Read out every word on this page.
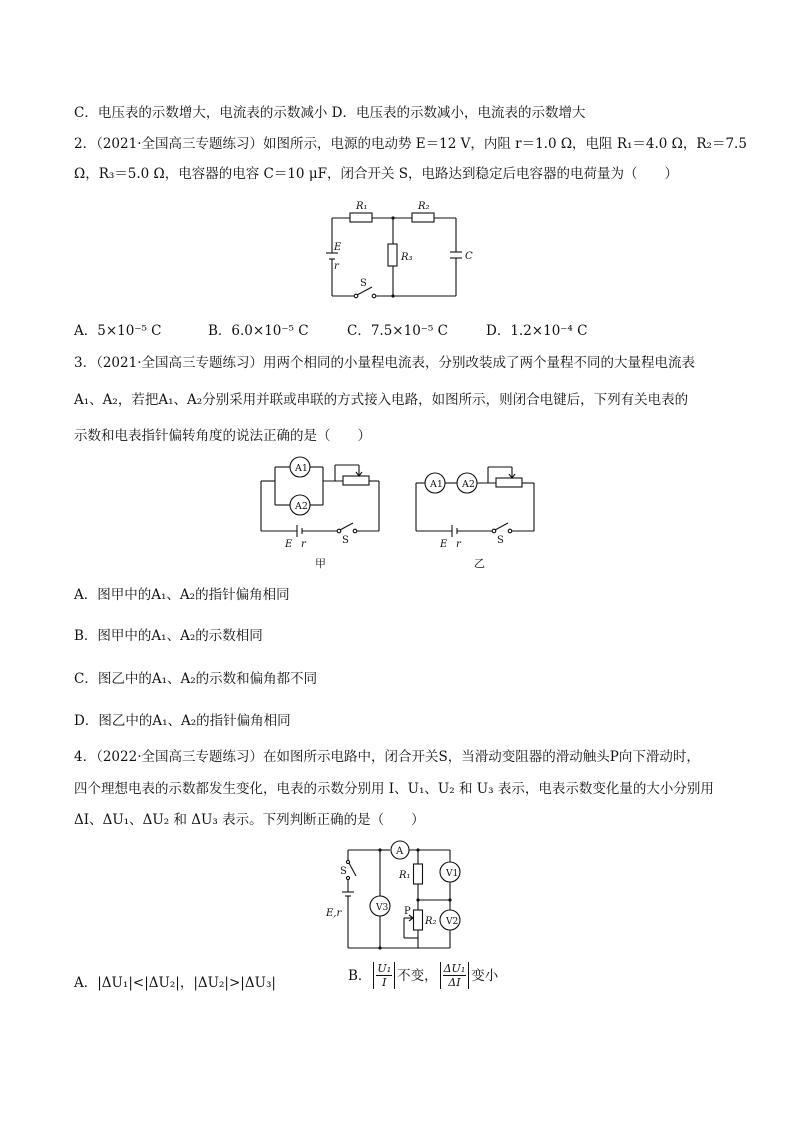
C．电压表的示数增大，电流表的示数减小 D．电压表的示数减小，电流表的示数增大
2．（2021·全国高三专题练习）如图所示，电源的电动势 E＝12 V，内阻 r＝1.0 Ω，电阻 R₁＝4.0 Ω，R₂＝7.5
Ω，R₃＝5.0 Ω，电容器的电容 C＝10 μF，闭合开关 S，电路达到稳定后电容器的电荷量为（　　）
R₁	R₂
R₃	C
E
r
S
A．5×10⁻⁵ C	B．6.0×10⁻⁵ C	C．7.5×10⁻⁵ C	D．1.2×10⁻⁴ C
3．（2021·全国高三专题练习）用两个相同的小量程电流表，分别改装成了两个量程不同的大量程电流表
A₁、A₂，若把A₁、A₂分别采用并联或串联的方式接入电路，如图所示，则闭合电键后，下列有关电表的
示数和电表指针偏转角度的说法正确的是（　　）
A1
A2
E r	S
甲
A1 A2
E r	S
乙
A．图甲中的A₁、A₂的指针偏角相同
B．图甲中的A₁、A₂的示数相同
C．图乙中的A₁、A₂的示数和偏角都不同
D．图乙中的A₁、A₂的指针偏角相同
4．（2022·全国高三专题练习）在如图所示电路中，闭合开关S，当滑动变阻器的滑动触头P向下滑动时，
四个理想电表的示数都发生变化，电表的示数分别用 I、U₁、U₂ 和 U₃ 表示，电表示数变化量的大小分别用
ΔI、ΔU₁、ΔU₂ 和 ΔU₃ 表示。下列判断正确的是（　　）
A
V3
V1
V2
R₁
R₂
P
S
E,r
A．|ΔU₁|<|ΔU₂|，|ΔU₂|>|ΔU₃|	B． $\frac{\text{U₁}}{I}$ 不变， $\frac{\text{ΔU₁}}{\Delta I}$ 变小
